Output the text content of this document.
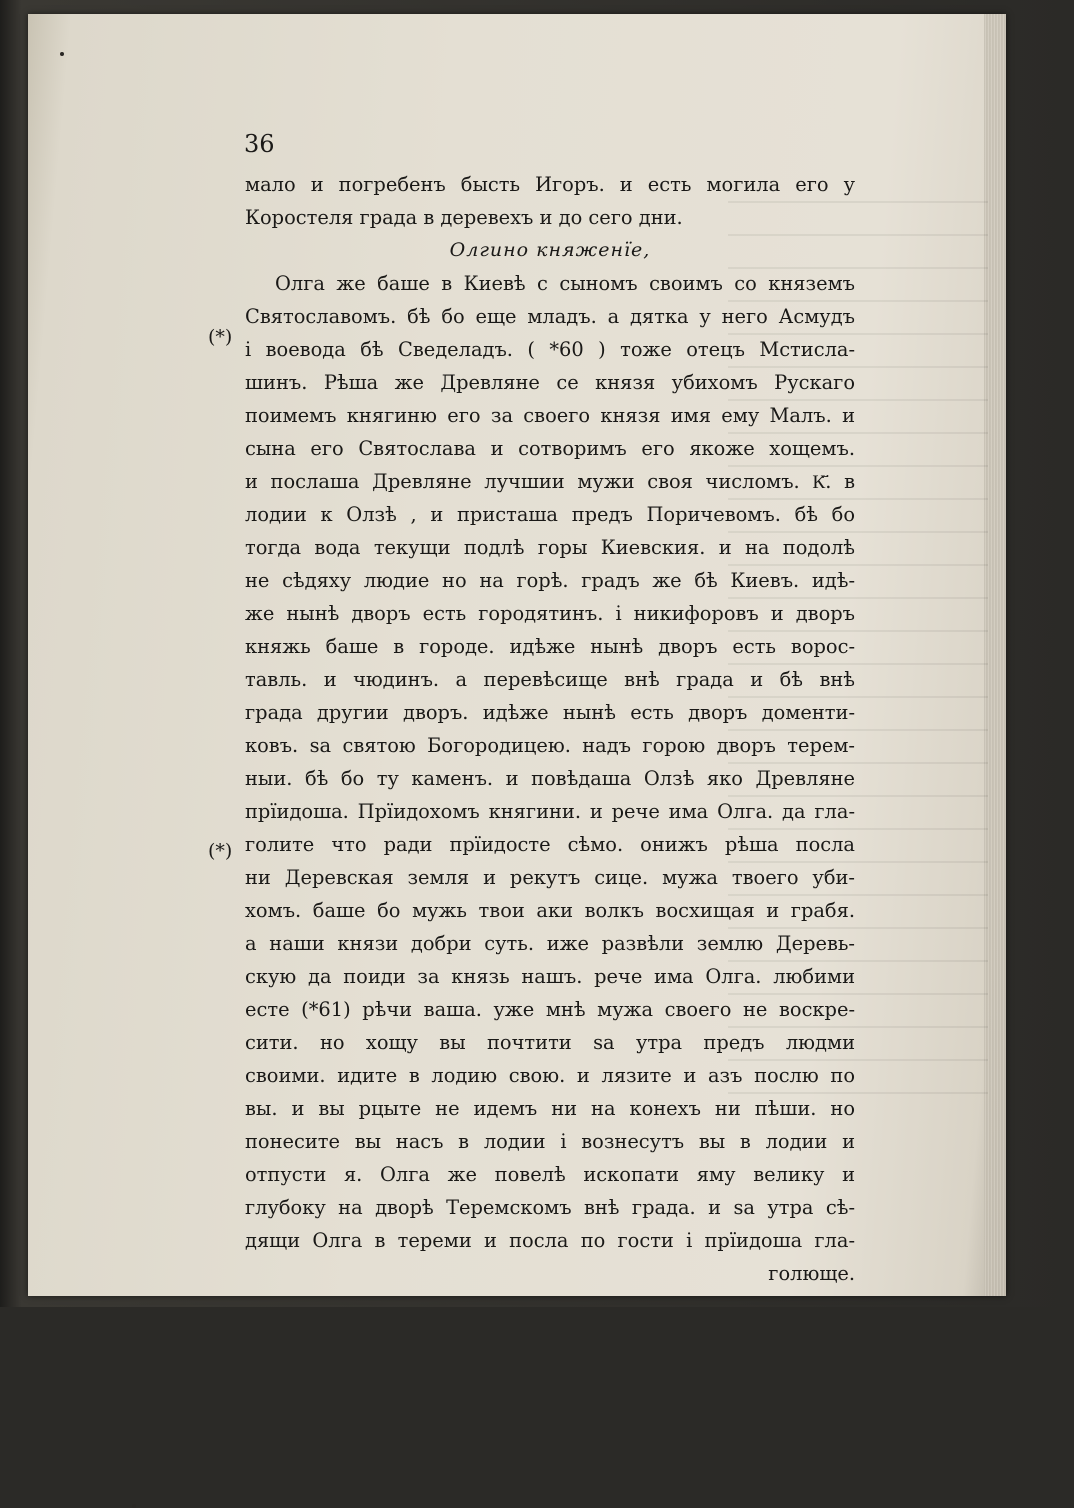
36
(*)
(*)
мало и погребенъ бысть Игоръ. и есть могила его у
Коростеля града в деревехъ и до сего дни.
Олгино княженїе,
Олга же баше в Киевѣ с сыномъ своимъ со княземъ
Святославомъ. бѣ бо еще младъ. а дятка у него Асмудъ
і воевода бѣ Сведеладъ. ( *60 ) тоже отецъ Мстисла-
шинъ. Рѣша же Древляне се князя убихомъ Рускаго
поимемъ княгиню его за своего князя имя ему Малъ. и
сына его Святослава и сотворимъ его якоже хощемъ.
и послаша Древляне лучшии мужи своя числомъ. К҃. в
лодии к Олзѣ , и присташа предъ Поричевомъ. бѣ бо
тогда вода текущи подлѣ горы Киевския. и на подолѣ
не сѣдяху людие но на горѣ. градъ же бѣ Киевъ. идѣ-
же нынѣ дворъ есть городятинъ. і никифоровъ и дворъ
княжь баше в городе. идѣже нынѣ дворъ есть ворос-
тавль. и чюдинъ. а перевѣсище внѣ града и бѣ внѣ
града другии дворъ. идѣже нынѣ есть дворъ доменти-
ковъ. ѕа святою Богородицею. надъ горою дворъ терем-
ныи. бѣ бо ту каменъ. и повѣдаша Олзѣ яко Древляне
прїидоша. Прїидохомъ княгини. и рече има Олга. да гла-
голите что ради прїидосте сѣмо. онижъ рѣша посла
ни Деревская земля и рекутъ сице. мужа твоего уби-
хомъ. баше бо мужь твои аки волкъ восхищая и грабя.
а наши князи добри суть. иже развѣли землю Деревь-
скую да поиди за князь нашъ. рече има Олга. любими
есте (*61) рѣчи ваша. уже мнѣ мужа своего не воскре-
сити. но хощу вы почтити ѕа утра предъ людми
своими. идите в лодию свою. и лязите и азъ послю по
вы. и вы рцыте не идемъ ни на конехъ ни пѣши. но
понесите вы насъ в лодии і вознесутъ вы в лодии и
отпусти я. Олга же повелѣ ископати яму велику и
глубоку на дворѣ Теремскомъ внѣ града. и ѕа утра сѣ-
дящи Олга в тереми и посла по гости і прїидоша гла-
голюще.
